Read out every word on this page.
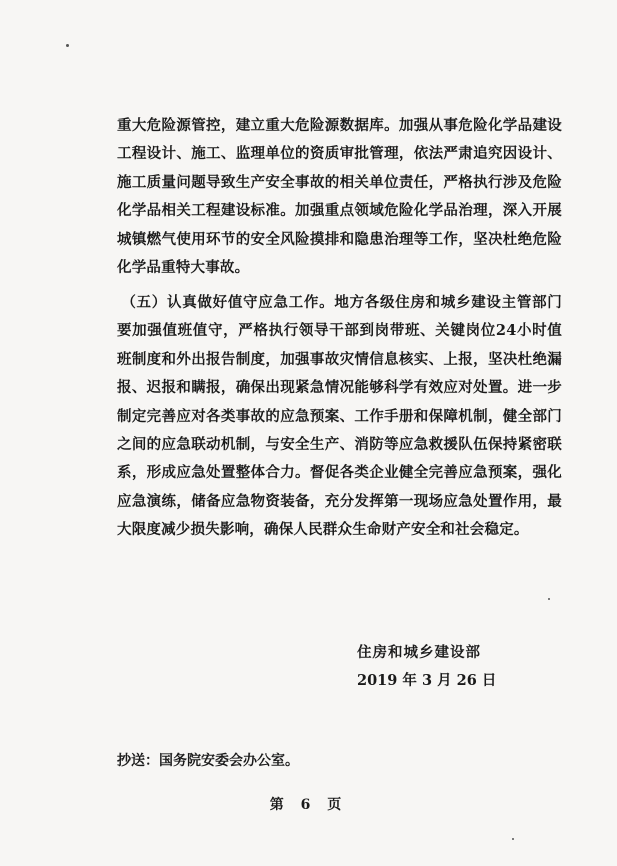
重大危险源管控，建立重大危险源数据库。加强从事危险化学品建设工程设计、施工、监理单位的资质审批管理，依法严肃追究因设计、施工质量问题导致生产安全事故的相关单位责任，严格执行涉及危险化学品相关工程建设标准。加强重点领域危险化学品治理，深入开展城镇燃气使用环节的安全风险摸排和隐患治理等工作，坚决杜绝危险化学品重特大事故。

（五）认真做好值守应急工作。地方各级住房和城乡建设主管部门要加强值班值守，严格执行领导干部到岗带班、关键岗位24小时值班制度和外出报告制度，加强事故灾情信息核实、上报，坚决杜绝漏报、迟报和瞒报，确保出现紧急情况能够科学有效应对处置。进一步制定完善应对各类事故的应急预案、工作手册和保障机制，健全部门之间的应急联动机制，与安全生产、消防等应急救援队伍保持紧密联系，形成应急处置整体合力。督促各类企业健全完善应急预案，强化应急演练，储备应急物资装备，充分发挥第一现场应急处置作用，最大限度减少损失影响，确保人民群众生命财产安全和社会稳定。

住房和城乡建设部
2019 年 3 月 26 日
抄送：国务院安委会办公室。
第 6 页
